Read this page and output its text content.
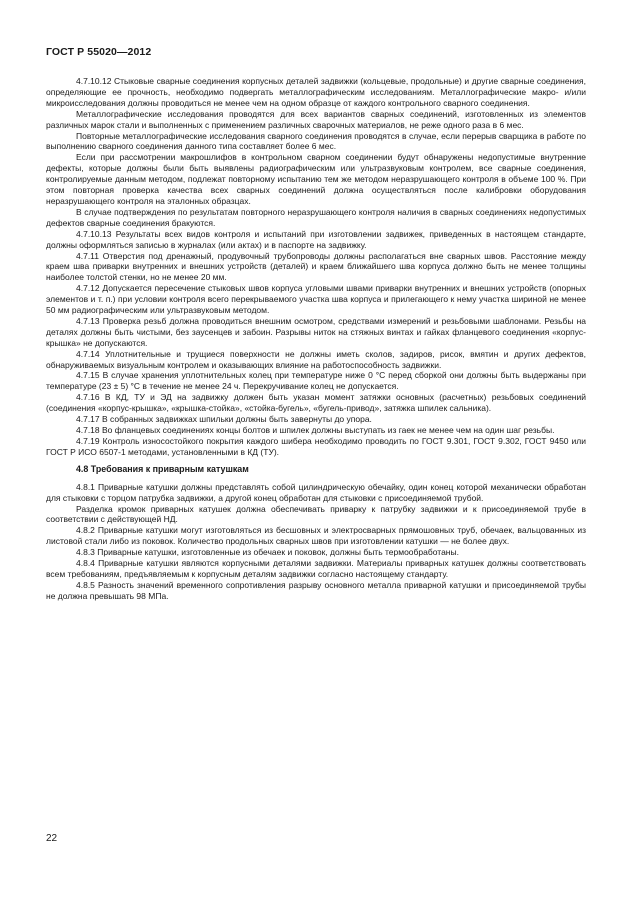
ГОСТ Р 55020—2012

4.7.10.12 Стыковые сварные соединения корпусных деталей задвижки (кольцевые, продольные) и другие сварные соединения, определяющие ее прочность, необходимо подвергать металлографическим исследованиям. Металлографические макро- и/или микроисследования должны проводиться не менее чем на одном образце от каждого контрольного сварного соединения.

Металлографические исследования проводятся для всех вариантов сварных соединений, изготовленных из элементов различных марок стали и выполненных с применением различных сварочных материалов, не реже одного раза в 6 мес.

Повторные металлографические исследования сварного соединения проводятся в случае, если перерыв сварщика в работе по выполнению сварного соединения данного типа составляет более 6 мес.

Если при рассмотрении макрошлифов в контрольном сварном соединении будут обнаружены недопустимые внутренние дефекты, которые должны были быть выявлены радиографическим или ультразвуковым контролем, все сварные соединения, контролируемые данным методом, подлежат повторному испытанию тем же методом неразрушающего контроля в объеме 100 %. При этом повторная проверка качества всех сварных соединений должна осуществляться после калибровки оборудования неразрушающего контроля на эталонных образцах.

В случае подтверждения по результатам повторного неразрушающего контроля наличия в сварных соединениях недопустимых дефектов сварные соединения бракуются.

4.7.10.13 Результаты всех видов контроля и испытаний при изготовлении задвижек, приведенных в настоящем стандарте, должны оформляться записью в журналах (или актах) и в паспорте на задвижку.

4.7.11 Отверстия под дренажный, продувочный трубопроводы должны располагаться вне сварных швов. Расстояние между краем шва приварки внутренних и внешних устройств (деталей) и краем ближайшего шва корпуса должно быть не менее толщины наиболее толстой стенки, но не менее 20 мм.

4.7.12 Допускается пересечение стыковых швов корпуса угловыми швами приварки внутренних и внешних устройств (опорных элементов и т. п.) при условии контроля всего перекрываемого участка шва корпуса и прилегающего к нему участка шириной не менее 50 мм радиографическим или ультразвуковым методом.

4.7.13 Проверка резьб должна проводиться внешним осмотром, средствами измерений и резьбовыми шаблонами. Резьбы на деталях должны быть чистыми, без заусенцев и забоин. Разрывы ниток на стяжных винтах и гайках фланцевого соединения «корпус-крышка» не допускаются.

4.7.14 Уплотнительные и трущиеся поверхности не должны иметь сколов, задиров, рисок, вмятин и других дефектов, обнаруживаемых визуальным контролем и оказывающих влияние на работоспособность задвижки.

4.7.15 В случае хранения уплотнительных колец при температуре ниже 0 °С перед сборкой они должны быть выдержаны при температуре (23 ± 5) °С в течение не менее 24 ч. Перекручивание колец не допускается.

4.7.16 В КД, ТУ и ЭД на задвижку должен быть указан момент затяжки основных (расчетных) резьбовых соединений (соединения «корпус-крышка», «крышка-стойка», «стойка-бугель», «бугель-привод», затяжка шпилек сальника).

4.7.17 В собранных задвижках шпильки должны быть завернуты до упора.

4.7.18 Во фланцевых соединениях концы болтов и шпилек должны выступать из гаек не менее чем на один шаг резьбы.

4.7.19 Контроль износостойкого покрытия каждого шибера необходимо проводить по ГОСТ 9.301, ГОСТ 9.302, ГОСТ 9450 или ГОСТ Р ИСО 6507-1 методами, установленными в КД (ТУ).

4.8 Требования к приварным катушкам

4.8.1 Приварные катушки должны представлять собой цилиндрическую обечайку, один конец которой механически обработан для стыковки с торцом патрубка задвижки, а другой конец обработан для стыковки с присоединяемой трубой.

Разделка кромок приварных катушек должна обеспечивать приварку к патрубку задвижки и к присоединяемой трубе в соответствии с действующей НД.

4.8.2 Приварные катушки могут изготовляться из бесшовных и электросварных прямошовных труб, обечаек, вальцованных из листовой стали либо из поковок. Количество продольных сварных швов при изготовлении катушки — не более двух.

4.8.3 Приварные катушки, изготовленные из обечаек и поковок, должны быть термообработаны.

4.8.4 Приварные катушки являются корпусными деталями задвижки. Материалы приварных катушек должны соответствовать всем требованиям, предъявляемым к корпусным деталям задвижки согласно настоящему стандарту.

4.8.5 Разность значений временного сопротивления разрыву основного металла приварной катушки и присоединяемой трубы не должна превышать 98 МПа.

22
